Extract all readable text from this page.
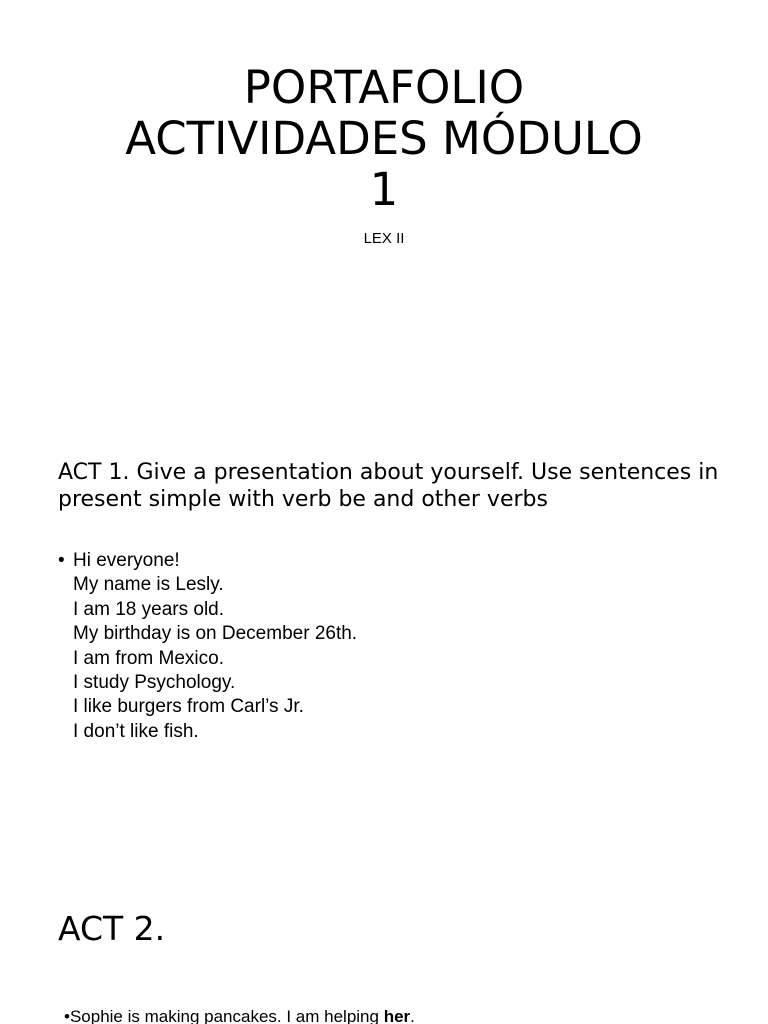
PORTAFOLIO
ACTIVIDADES MÓDULO
1
LEX II
ACT 1. Give a presentation about yourself. Use sentences in present simple with verb be and other verbs
• Hi everyone!
My name is Lesly.
I am 18 years old.
My birthday is on December 26th.
I am from Mexico.
I study Psychology.
I like burgers from Carl’s Jr.
I don’t like fish.
ACT 2.
•Sophie is making pancakes. I am helping her.
